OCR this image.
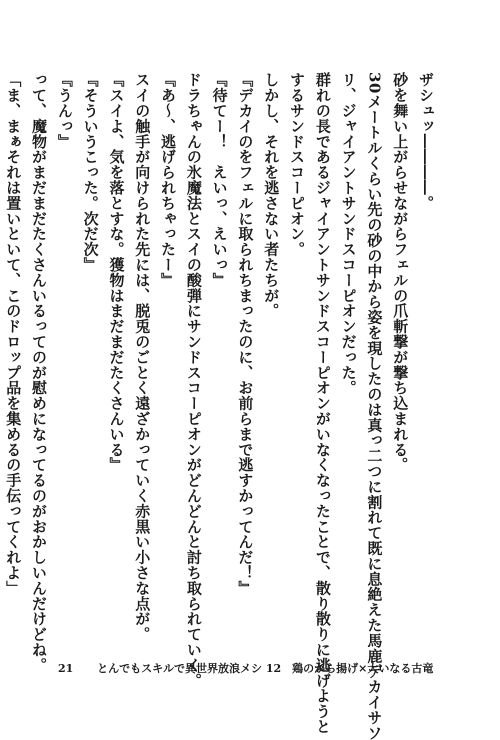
ザシュッ――――。
砂を舞い上がらせながらフェルの爪斬撃が撃ち込まれる。
30メートルくらい先の砂の中から姿を現したのは真っ二つに割れて既に息絶えた馬鹿デカイサソ
リ、ジャイアントサンドスコーピオンだった。
群れの長であるジャイアントサンドスコーピオンがいなくなったことで、散り散りに逃げようと
するサンドスコーピオン。
しかし、それを逃さない者たちが。
『デカイのをフェルに取られちまったのに、お前らまで逃すかってんだ！』
『待てー！　えいっ、えいっ』
ドラちゃんの氷魔法とスイの酸弾にサンドスコーピオンがどんどんと討ち取られていく。
『あ～、逃げられちゃったー』
スイの触手が向けられた先には、脱兎のごとく遠ざかっていく赤黒い小さな点が。
『スイよ、気を落とすな。獲物はまだまだたくさんいる』
『そういうこった。次だ次』
『うんっ』
って、魔物がまだまだたくさんいるってのが慰めになってるのがおかしいんだけどね。
「ま、まぁそれは置いといて、このドロップ品を集めるの手伝ってくれよ」
21 とんでもスキルで異世界放浪メシ 12　鶏のから揚げ×大いなる古竜
